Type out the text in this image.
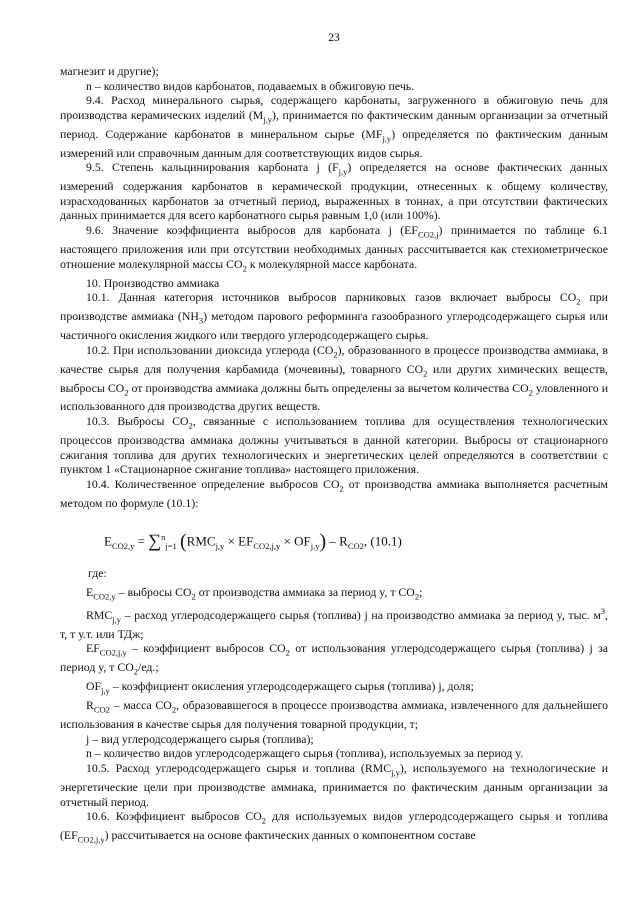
23

магнезит и другие);

n – количество видов карбонатов, подаваемых в обжиговую печь.

9.4. Расход минерального сырья, содержащего карбонаты, загруженного в обжиговую печь для производства керамических изделий $(M_{j,y})$, принимается по фактическим данным организации за отчетный период. Содержание карбонатов в минеральном сырье $(MF_{j,y})$ определяется по фактическим данным измерений или справочным данным для соответствующих видов сырья.

9.5. Степень кальцинирования карбоната j $(F_{j,y})$ определяется на основе фактических данных измерений содержания карбонатов в керамической продукции, отнесенных к общему количеству, израсходованных карбонатов за отчетный период, выраженных в тоннах, а при отсутствии фактических данных принимается для всего карбонатного сырья равным 1,0 (или 100%).

9.6. Значение коэффициента выбросов для карбоната j $(EF_{CO2,j})$ принимается по таблице 6.1 настоящего приложения или при отсутствии необходимых данных рассчитывается как стехиометрическое отношение молекулярной массы $CO_2$ к молекулярной массе карбоната.

10. Производство аммиака

10.1. Данная категория источников выбросов парниковых газов включает выбросы $CO_2$ при производстве аммиака $(NH_3)$ методом парового реформинга газообразного углеродсодержащего сырья или частичного окисления жидкого или твердого углеродсодержащего сырья.

10.2. При использовании диоксида углерода $(CO_2)$, образованного в процессе производства аммиака, в качестве сырья для получения карбамида (мочевины), товарного $CO_2$ или других химических веществ, выбросы $CO_2$ от производства аммиака должны быть определены за вычетом количества $CO_2$ уловленного и использованного для производства других веществ.

10.3. Выбросы $CO_2$, связанные с использованием топлива для осуществления технологических процессов производства аммиака должны учитываться в данной категории. Выбросы от стационарного сжигания топлива для других технологических и энергетических целей определяются в соответствии с пунктом 1 «Стационарное сжигание топлива» настоящего приложения.

10.4. Количественное определение выбросов $CO_2$ от производства аммиака выполняется расчетным методом по формуле (10.1):

$E_{CO2,y} = \sum^n_{j=1}$ $(RMC_{j,y} \times EF_{CO2,j,y} \times OF_{j,y}) - R_{CO2}$, (10.1)

где:

$E_{CO2,y}$ – выбросы $CO_2$ от производства аммиака за период y, т $CO_2$;

$RMC_{j,y}$ – расход углеродсодержащего сырья (топлива) j на производство аммиака за период y, тыс. $м^3$, т, т у.т. или ТДж;

$EF_{CO2,j,y}$ – коэффициент выбросов $CO_2$ от использования углеродсодержащего сырья (топлива) j за период y, т $CO_2/ед$.;

$OF_{j,y}$ – коэффициент окисления углеродсодержащего сырья (топлива) j, доля;

$R_{CO2}$ – масса $CO_2$, образовавшегося в процессе производства аммиака, извлеченного для дальнейшего использования в качестве сырья для получения товарной продукции, т;

j – вид углеродсодержащего сырья (топлива);

n – количество видов углеродсодержащего сырья (топлива), используемых за период y.

10.5. Расход углеродсодержащего сырья и топлива $(RMC_{j,y})$, используемого на технологические и энергетические цели при производстве аммиака, принимается по фактическим данным организации за отчетный период.

10.6. Коэффициент выбросов $CO_2$ для используемых видов углеродсодержащего сырья и топлива $(EF_{CO2,j,y})$ рассчитывается на основе фактических данных о компонентном составе
